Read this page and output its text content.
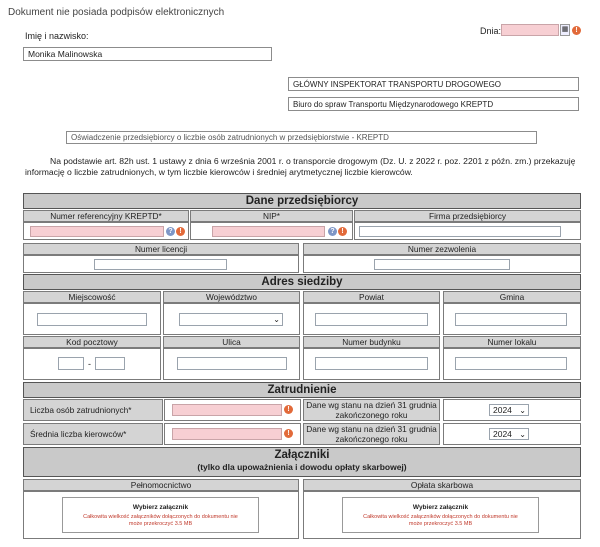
Dokument nie posiada podpisów elektronicznych
Imię i nazwisko:
Monika Malinowska
Dnia:	▦	!
GŁÓWNY INSPEKTORAT TRANSPORTU DROGOWEGO
Biuro do spraw Transportu Międzynarodowego KREPTD
Oświadczenie przedsiębiorcy o liczbie osób zatrudnionych w przedsiębiorstwie - KREPTD
Na podstawie art. 82h ust. 1 ustawy z dnia 6 września 2001 r. o transporcie drogowym (Dz. U. z 2022 r. poz. 2201 z późn. zm.) przekazuję informację o liczbie zatrudnionych, w tym liczbie kierowców i średniej arytmetycznej liczbie kierowców.
Dane przedsiębiorcy
Numer referencyjny KREPTD*	NIP*	Firma przedsiębiorcy
? !	? !
Numer licencji	Numer zezwolenia
Adres siedziby
Miejscowość	Województwo	Powiat	Gmina
⌄
Kod pocztowy	Ulica	Numer budynku	Numer lokalu
-
Zatrudnienie
Liczba osób zatrudnionych*	!	Dane wg stanu na dzień 31 grudnia zakończonego roku	2024 ⌄
Średnia liczba kierowców*	!	Dane wg stanu na dzień 31 grudnia zakończonego roku	2024 ⌄
Załączniki
(tylko dla upoważnienia i dowodu opłaty skarbowej)
Pełnomocnictwo	Opłata skarbowa
Wybierz załącznik
Całkowita wielkość załączników dołączonych do dokumentu nie może przekroczyć 3.5 MB
Wybierz załącznik
Całkowita wielkość załączników dołączonych do dokumentu nie może przekroczyć 3.5 MB
